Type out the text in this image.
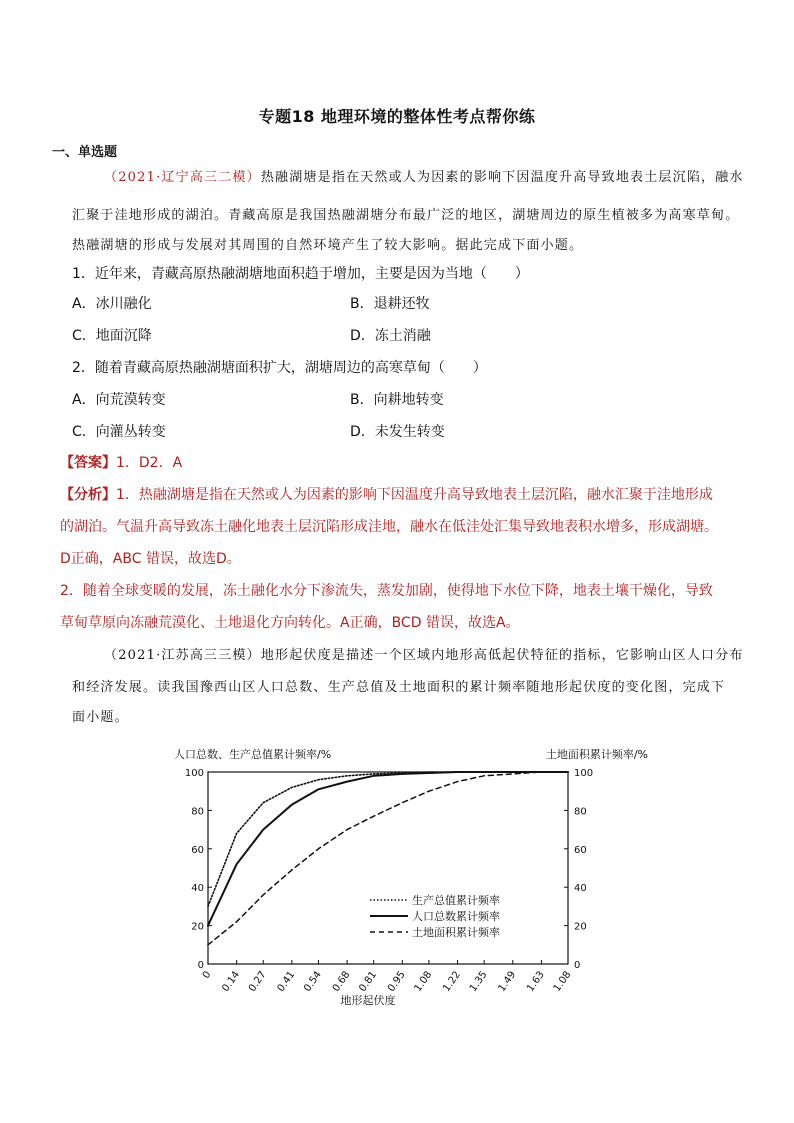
专题18 地理环境的整体性考点帮你练
一、单选题
（2021·辽宁高三二模）热融湖塘是指在天然或人为因素的影响下因温度升高导致地表土层沉陷，融水
汇聚于洼地形成的湖泊。青藏高原是我国热融湖塘分布最广泛的地区，湖塘周边的原生植被多为高寒草甸。
热融湖塘的形成与发展对其周围的自然环境产生了较大影响。据此完成下面小题。
1．近年来，青藏高原热融湖塘地面积趋于增加，主要是因为当地（　　）
A．冰川融化	B．退耕还牧
C．地面沉降	D．冻土消融
2．随着青藏高原热融湖塘面积扩大，湖塘周边的高寒草甸（　　）
A．向荒漠转变	B．向耕地转变
C．向灌丛转变	D．未发生转变
【答案】1．D2．A
【分析】1．热融湖塘是指在天然或人为因素的影响下因温度升高导致地表土层沉陷，融水汇聚于洼地形成
的湖泊。气温升高导致冻土融化地表土层沉陷形成洼地，融水在低洼处汇集导致地表积水增多，形成湖塘。
D正确，ABC 错误，故选D。
2．随着全球变暖的发展，冻土融化水分下渗流失，蒸发加剧，使得地下水位下降，地表土壤干燥化，导致
草甸草原向冻融荒漠化、土地退化方向转化。A正确，BCD 错误，故选A。
（2021·江苏高三三模）地形起伏度是描述一个区域内地形高低起伏特征的指标，它影响山区人口分布
和经济发展。读我国豫西山区人口总数、生产总值及土地面积的累计频率随地形起伏度的变化图，完成下
面小题。
人口总数、生产总值累计频率/%	土地面积累计频率/%
地形起伏度
0	0
20	20
40	40
60	60
80	80
100	100
0 0.14 0.27 0.41 0.54 0.68 0.81 0.95 1.08 1.22 1.35 1.49 1.63 1.08
生产总值累计频率
人口总数累计频率
土地面积累计频率
